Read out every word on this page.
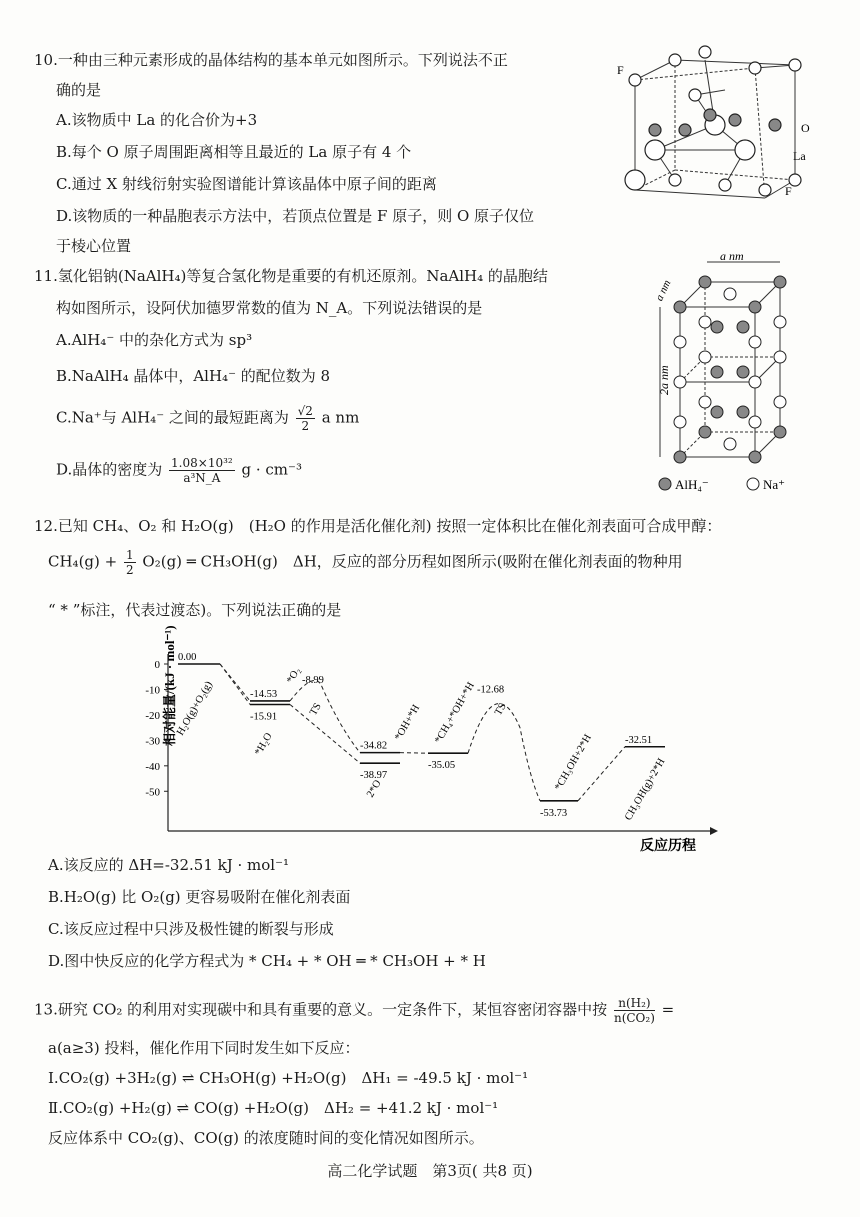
10.一种由三种元素形成的晶体结构的基本单元如图所示。下列说法不正
确的是
A.该物质中 La 的化合价为+3
B.每个 O 原子周围距离相等且最近的 La 原子有 4 个
C.通过 X 射线衍射实验图谱能计算该晶体中原子间的距离
D.该物质的一种晶胞表示方法中，若顶点位置是 F 原子，则 O 原子仅位
于棱心位置
F
O
La
F
11.氢化铝钠(NaAlH₄)等复合氢化物是重要的有机还原剂。NaAlH₄ 的晶胞结
构如图所示，设阿伏加德罗常数的值为 N_A。下列说法错误的是
A.AlH₄⁻ 中的杂化方式为 sp³
B.NaAlH₄ 晶体中，AlH₄⁻ 的配位数为 8
C.Na⁺与 AlH₄⁻ 之间的最短距离为 $\frac{√2}{2}$ a nm
D.晶体的密度为 $\frac{\text{1.08×10³²}}{\text{a³N\_A}}$ g · cm⁻³
a nm
a nm
2a nm
AlH₄⁻	Na⁺
12.已知 CH₄、O₂ 和 H₂O(g)　(H₂O 的作用是活化催化剂) 按照一定体积比在催化剂表面可合成甲醇：
$CH_4(g) + \frac{1}{2} O_2(g)$ ═ CH₃OH(g)　ΔH，反应的部分历程如图所示(吸附在催化剂表面的物种用
“ * ”标注，代表过渡态)。下列说法正确的是
相对能量/(kJ · mol⁻¹)
0
-10
-20
-30
-40
-50
0.00
-15.91
-14.53
-8.99
-38.97
-34.82
-35.05
-12.68
-53.73
-32.51
H₂O(g)+O₂(g)
*H₂O
*O₂
TS
2*O
*OH+*H *CH₄+*OH+*H TS
*CH₃OH+2*H	CH₃OH(g)+2*H
反应历程
A.该反应的 ΔH=-32.51 kJ · mol⁻¹
B.H₂O(g) 比 O₂(g) 更容易吸附在催化剂表面
C.该反应过程中只涉及极性键的断裂与形成
D.图中快反应的化学方程式为 * CH₄ + * OH ═ * CH₃OH + * H
13.研究 CO₂ 的利用对实现碳中和具有重要的意义。一定条件下，某恒容密闭容器中按 $\frac{\text{n(H₂)}}{\text{n(CO₂)}}$ =
a(a≥3) 投料，催化作用下同时发生如下反应：
Ⅰ.CO₂(g) +3H₂(g) ⇌ CH₃OH(g) +H₂O(g)　ΔH₁ = -49.5 kJ · mol⁻¹
Ⅱ.CO₂(g) +H₂(g) ⇌ CO(g) +H₂O(g)　ΔH₂ = +41.2 kJ · mol⁻¹
反应体系中 CO₂(g)、CO(g) 的浓度随时间的变化情况如图所示。
高二化学试题　第3页( 共8 页)
